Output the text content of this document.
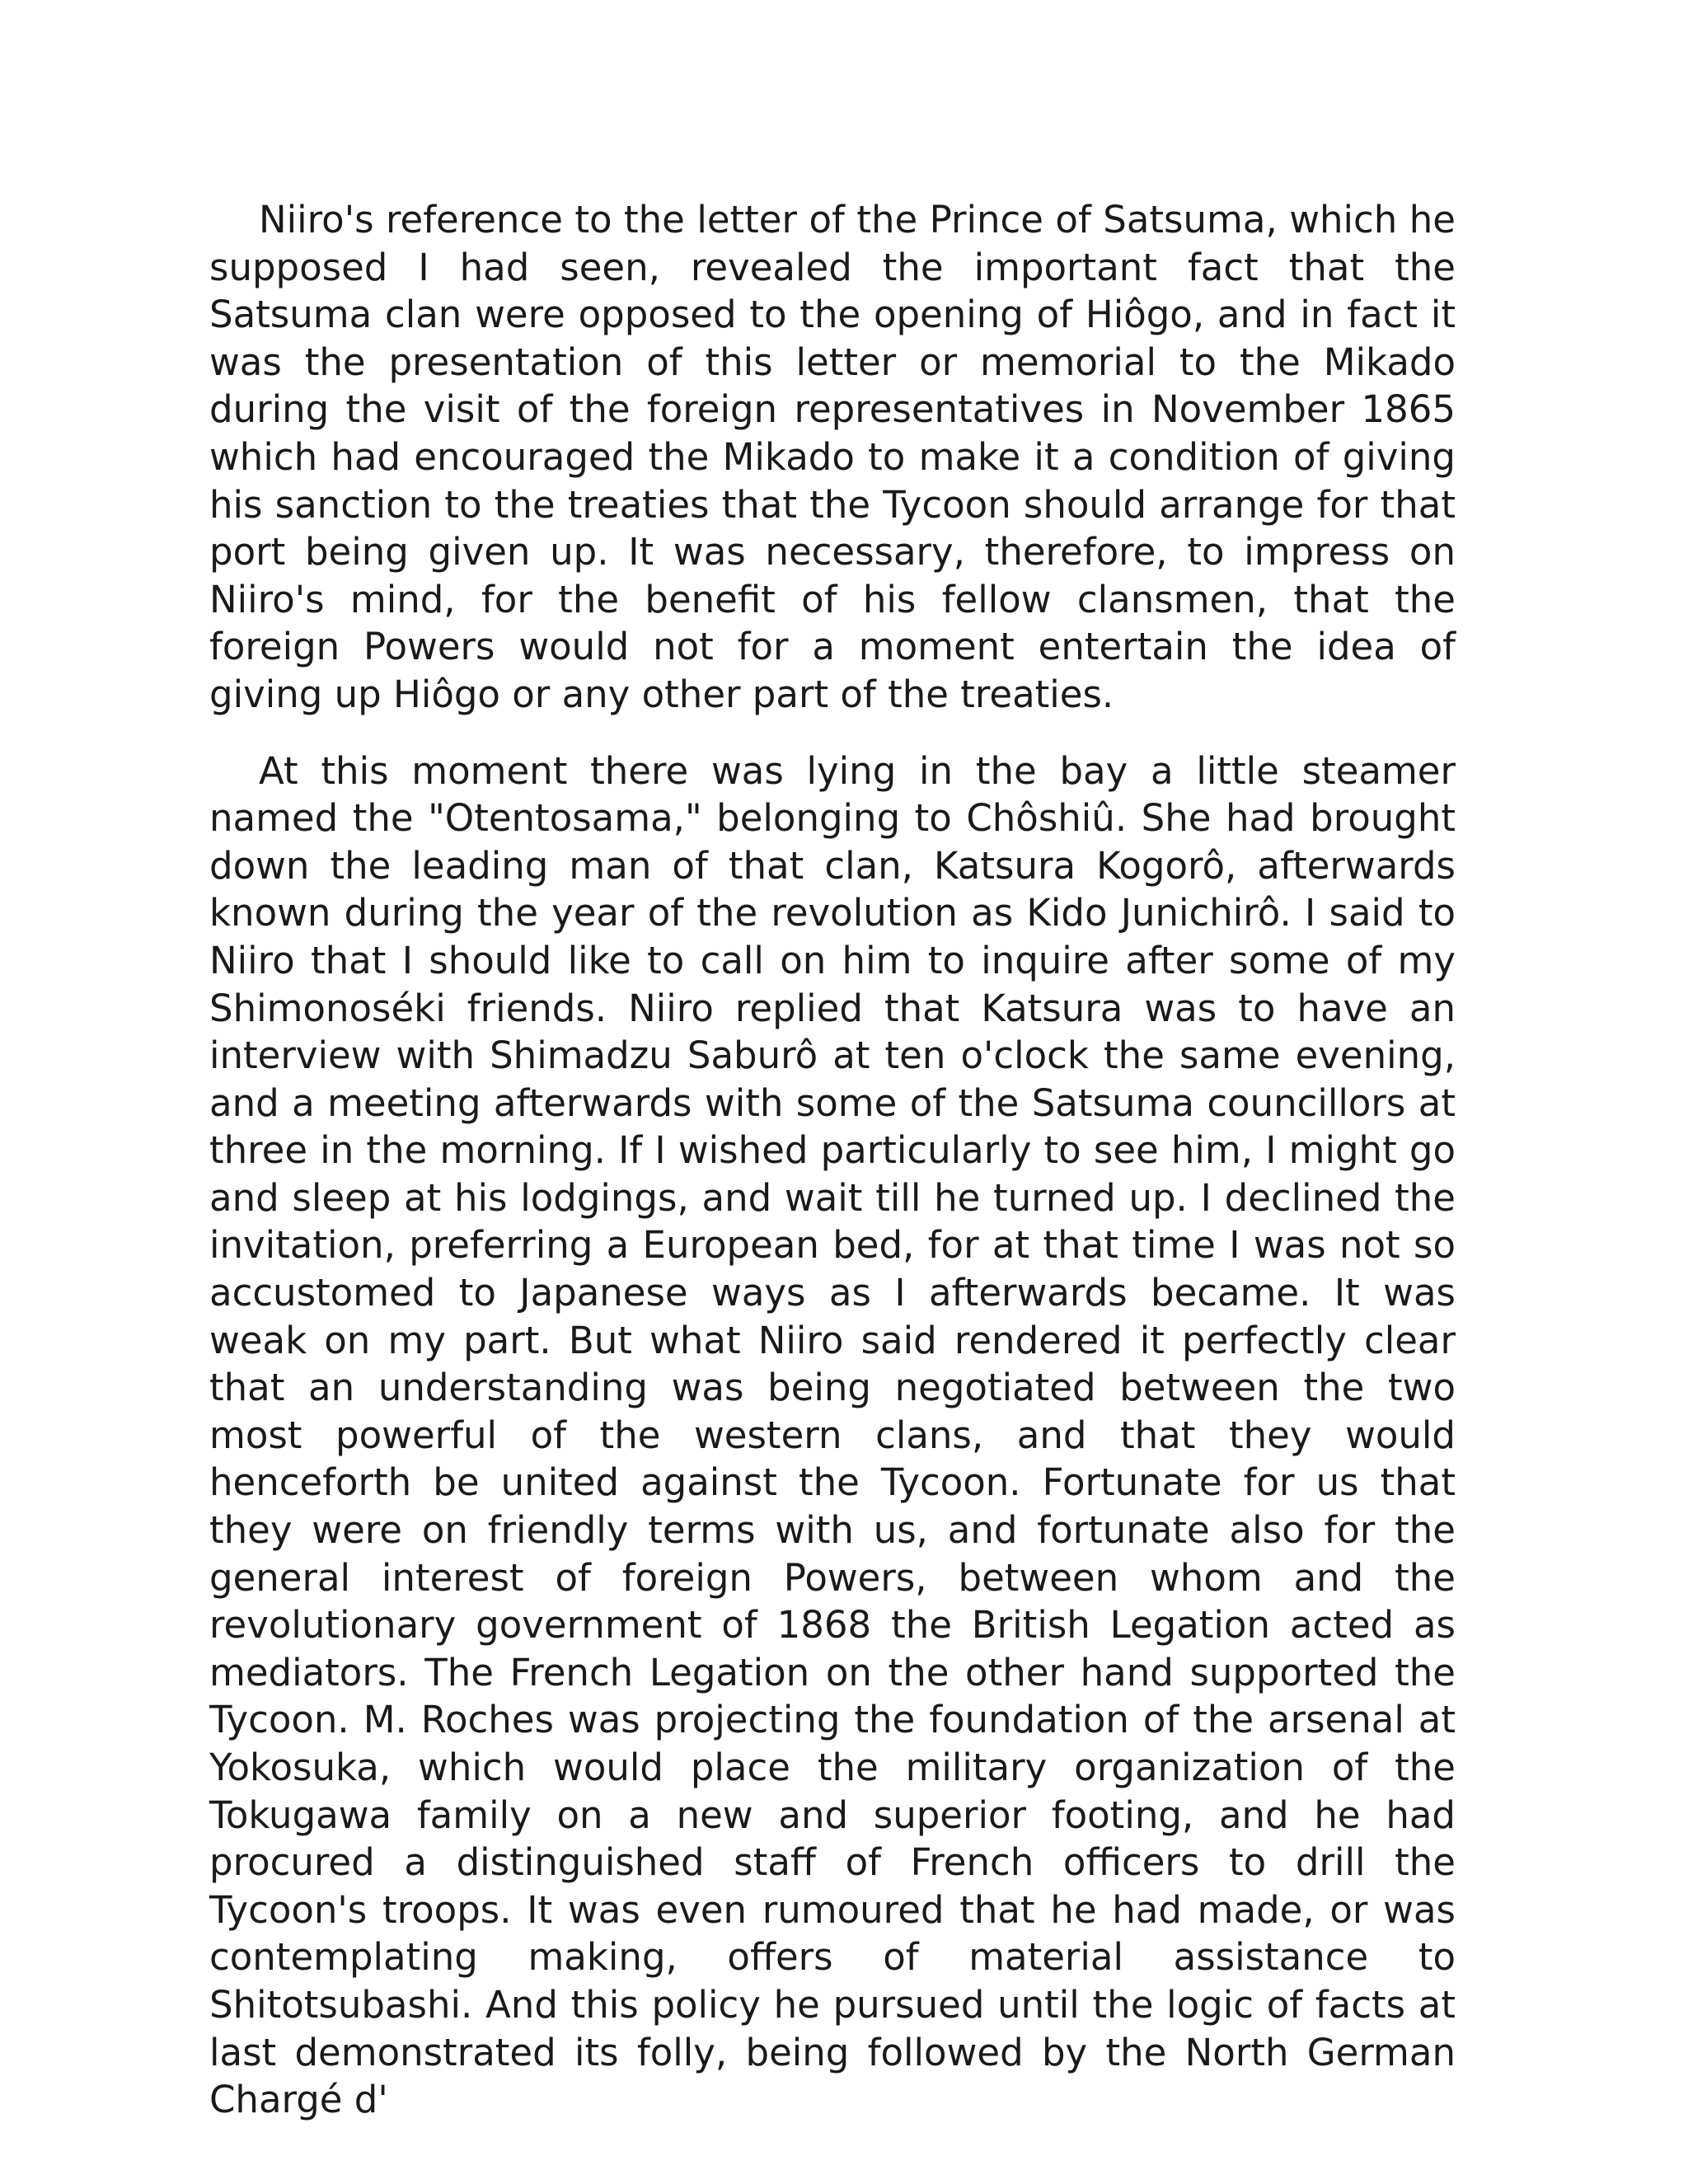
Niiro's reference to the letter of the Prince of Satsuma, which he supposed I had seen, revealed the important fact that the Satsuma clan were opposed to the opening of Hiôgo, and in fact it was the presentation of this letter or memorial to the Mikado during the visit of the foreign representatives in November 1865 which had encouraged the Mikado to make it a condition of giving his sanction to the treaties that the Tycoon should arrange for that port being given up. It was necessary, therefore, to impress on Niiro's mind, for the benefit of his fellow clansmen, that the foreign Powers would not for a moment entertain the idea of giving up Hiôgo or any other part of the treaties.

At this moment there was lying in the bay a little steamer named the "Otentosama," belonging to Chôshiû. She had brought down the leading man of that clan, Katsura Kogorô, afterwards known during the year of the revolution as Kido Junichirô. I said to Niiro that I should like to call on him to inquire after some of my Shimonoséki friends. Niiro replied that Katsura was to have an interview with Shimadzu Saburô at ten o'clock the same evening, and a meeting afterwards with some of the Satsuma councillors at three in the morning. If I wished particularly to see him, I might go and sleep at his lodgings, and wait till he turned up. I declined the invitation, preferring a European bed, for at that time I was not so accustomed to Japanese ways as I afterwards became. It was weak on my part. But what Niiro said rendered it perfectly clear that an understanding was being negotiated between the two most powerful of the western clans, and that they would henceforth be united against the Tycoon. Fortunate for us that they were on friendly terms with us, and fortunate also for the general interest of foreign Powers, between whom and the revolutionary government of 1868 the British Legation acted as mediators. The French Legation on the other hand supported the Tycoon. M. Roches was projecting the foundation of the arsenal at Yokosuka, which would place the military organization of the Tokugawa family on a new and superior footing, and he had procured a distinguished staff of French officers to drill the Tycoon's troops. It was even rumoured that he had made, or was contemplating making, offers of material assistance to Shitotsubashi. And this policy he pursued until the logic of facts at last demonstrated its folly, being followed by the North German Chargé d'
